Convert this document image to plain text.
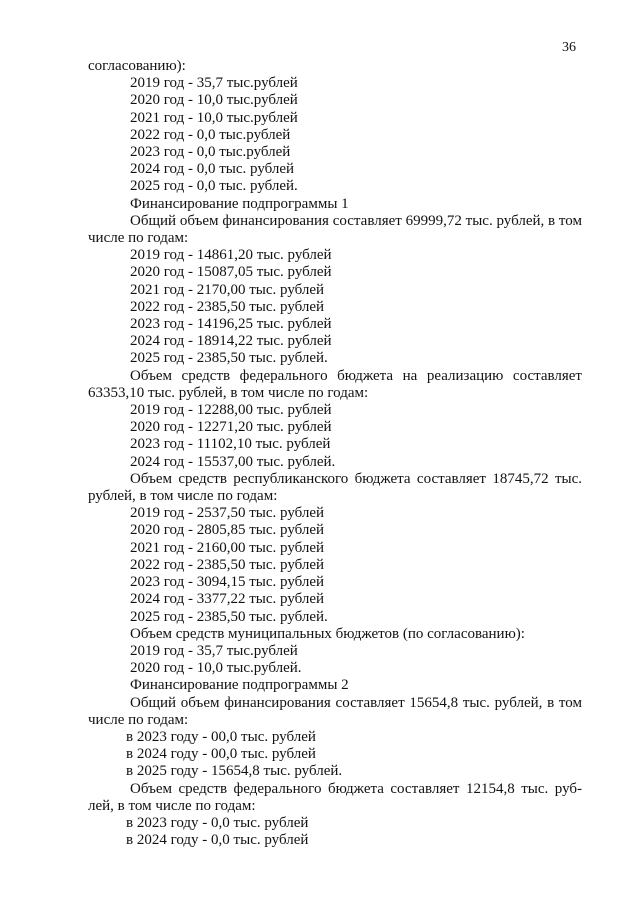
36

согласованию):

2019 год - 35,7 тыс.рублей

2020 год - 10,0 тыс.рублей

2021 год - 10,0 тыс.рублей

2022 год - 0,0 тыс.рублей

2023 год - 0,0 тыс.рублей

2024 год - 0,0 тыс. рублей

2025 год - 0,0 тыс. рублей.

Финансирование подпрограммы 1

Общий объем финансирования составляет 69999,72 тыс. рублей, в том

числе по годам:

2019 год - 14861,20 тыс. рублей

2020 год - 15087,05 тыс. рублей

2021 год - 2170,00 тыс. рублей

2022 год - 2385,50 тыс. рублей

2023 год - 14196,25 тыс. рублей

2024 год - 18914,22 тыс. рублей

2025 год - 2385,50 тыс. рублей.

Объем средств федерального бюджета на реализацию составляет

63353,10 тыс. рублей, в том числе по годам:

2019 год - 12288,00 тыс. рублей

2020 год - 12271,20 тыс. рублей

2023 год - 11102,10 тыс. рублей

2024 год - 15537,00 тыс. рублей.

Объем средств республиканского бюджета составляет 18745,72 тыс.

рублей, в том числе по годам:

2019 год - 2537,50 тыс. рублей

2020 год - 2805,85 тыс. рублей

2021 год - 2160,00 тыс. рублей

2022 год - 2385,50 тыс. рублей

2023 год - 3094,15 тыс. рублей

2024 год - 3377,22 тыс. рублей

2025 год - 2385,50 тыс. рублей.

Объем средств муниципальных бюджетов (по согласованию):

2019 год - 35,7 тыс.рублей

2020 год - 10,0 тыс.рублей.

Финансирование подпрограммы 2

Общий объем финансирования составляет 15654,8 тыс. рублей, в том

числе по годам:

в 2023 году - 00,0 тыс. рублей

в 2024 году - 00,0 тыс. рублей

в 2025 году - 15654,8 тыс. рублей.

Объем средств федерального бюджета составляет 12154,8 тыс. руб-

лей, в том числе по годам:

в 2023 году - 0,0 тыс. рублей

в 2024 году - 0,0 тыс. рублей
